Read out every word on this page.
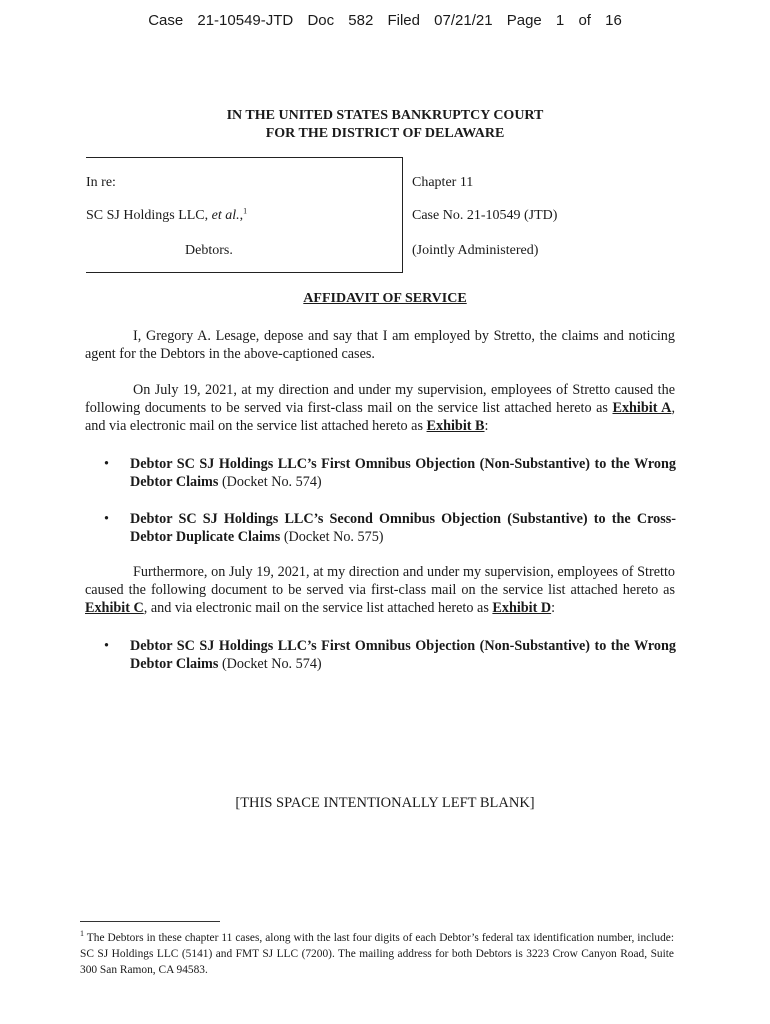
Case 21-10549-JTD Doc 582 Filed 07/21/21 Page 1 of 16
IN THE UNITED STATES BANKRUPTCY COURT
FOR THE DISTRICT OF DELAWARE
In re:
SC SJ Holdings LLC, et al.,$^1$
Debtors.
Chapter 11
Case No. 21-10549 (JTD)
(Jointly Administered)
AFFIDAVIT OF SERVICE
I, Gregory A. Lesage, depose and say that I am employed by Stretto, the claims and noticing agent for the Debtors in the above-captioned cases.
On July 19, 2021, at my direction and under my supervision, employees of Stretto caused the following documents to be served via first-class mail on the service list attached hereto as Exhibit A, and via electronic mail on the service list attached hereto as Exhibit B:
• Debtor SC SJ Holdings LLC’s First Omnibus Objection (Non-Substantive) to the Wrong Debtor Claims (Docket No. 574)
• Debtor SC SJ Holdings LLC’s Second Omnibus Objection (Substantive) to the Cross-Debtor Duplicate Claims (Docket No. 575)
Furthermore, on July 19, 2021, at my direction and under my supervision, employees of Stretto caused the following document to be served via first-class mail on the service list attached hereto as Exhibit C, and via electronic mail on the service list attached hereto as Exhibit D:
• Debtor SC SJ Holdings LLC’s First Omnibus Objection (Non-Substantive) to the Wrong Debtor Claims (Docket No. 574)
[THIS SPACE INTENTIONALLY LEFT BLANK]
$^1$ The Debtors in these chapter 11 cases, along with the last four digits of each Debtor’s federal tax identification number, include: SC SJ Holdings LLC (5141) and FMT SJ LLC (7200). The mailing address for both Debtors is 3223 Crow Canyon Road, Suite 300 San Ramon, CA 94583.
